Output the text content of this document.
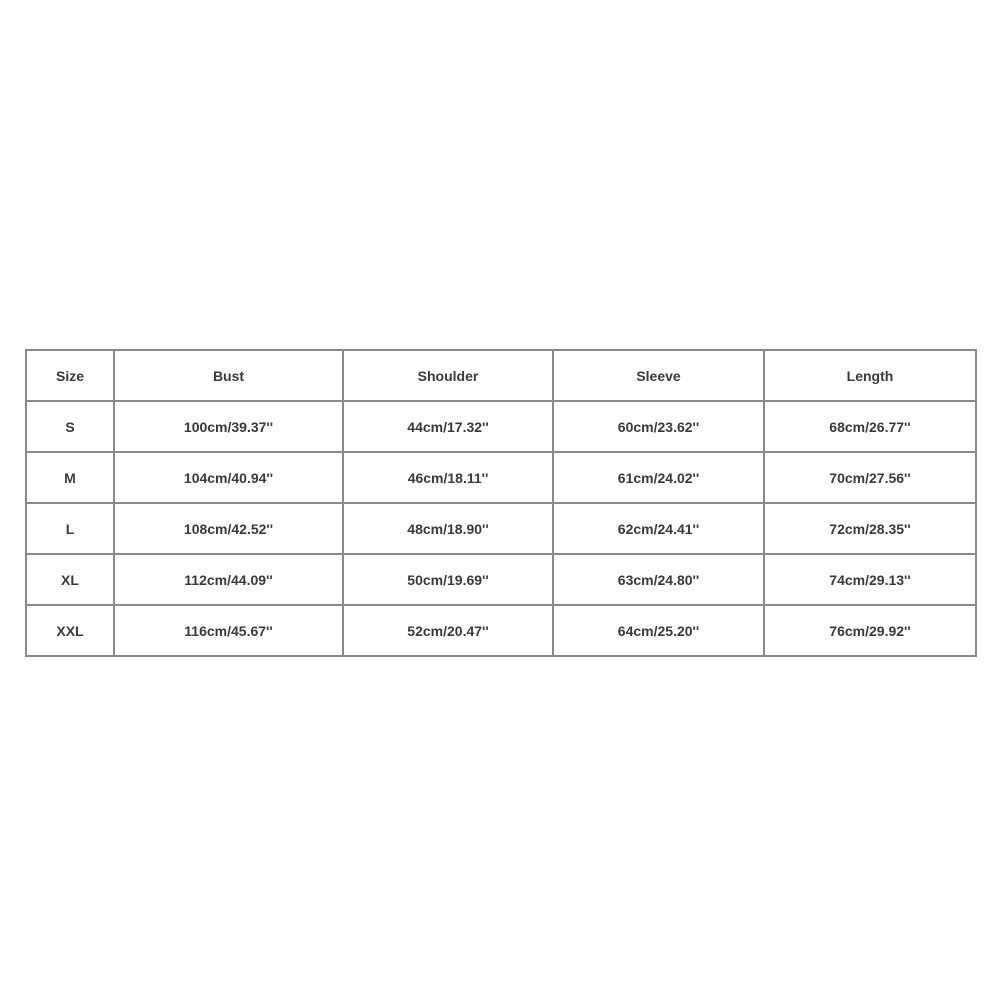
Size	Bust	Shoulder	Sleeve	Length
S	100cm/39.37''	44cm/17.32''	60cm/23.62''	68cm/26.77''
M	104cm/40.94''	46cm/18.11''	61cm/24.02''	70cm/27.56''
L	108cm/42.52''	48cm/18.90''	62cm/24.41''	72cm/28.35''
XL	112cm/44.09''	50cm/19.69''	63cm/24.80''	74cm/29.13''
XXL	116cm/45.67''	52cm/20.47''	64cm/25.20''	76cm/29.92''
